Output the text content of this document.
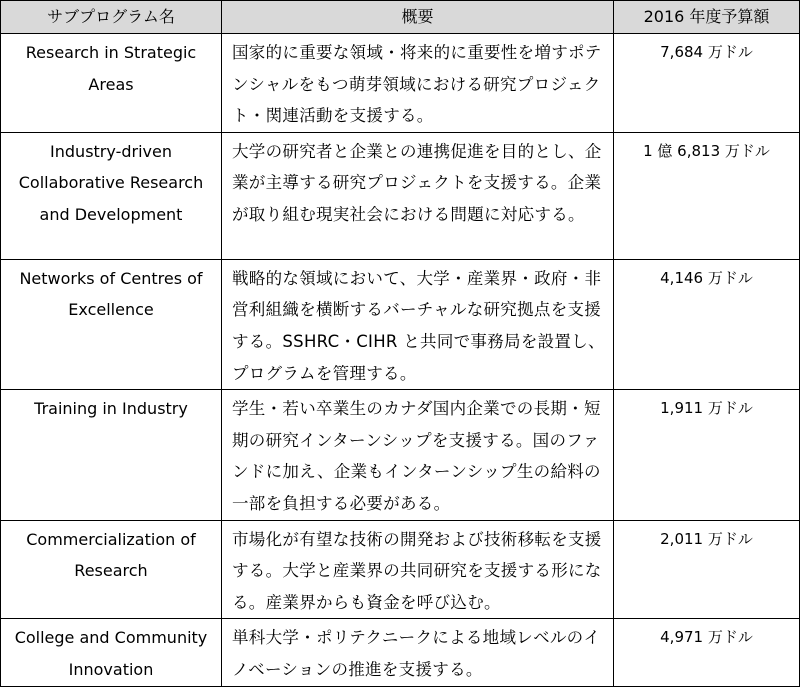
サブプログラム名	概要	2016 年度予算額
Research in Strategic Areas	国家的に重要な領域・将来的に重要性を増すポテンシャルをもつ萌芽領域における研究プロジェクト・関連活動を支援する。	7,684 万ドル
Industry-driven Collaborative Research and Development	大学の研究者と企業との連携促進を目的とし、企業が主導する研究プロジェクトを支援する。企業が取り組む現実社会における問題に対応する。	1 億 6,813 万ドル
Networks of Centres of Excellence	戦略的な領域において、大学・産業界・政府・非営利組織を横断するバーチャルな研究拠点を支援する。SSHRC・CIHR と共同で事務局を設置し、プログラムを管理する。	4,146 万ドル
Training in Industry	学生・若い卒業生のカナダ国内企業での長期・短期の研究インターンシップを支援する。国のファンドに加え、企業もインターンシップ生の給料の一部を負担する必要がある。	1,911 万ドル
Commercialization of Research	市場化が有望な技術の開発および技術移転を支援する。大学と産業界の共同研究を支援する形になる。産業界からも資金を呼び込む。	2,011 万ドル
College and Community Innovation	単科大学・ポリテクニークによる地域レベルのイノベーションの推進を支援する。	4,971 万ドル
